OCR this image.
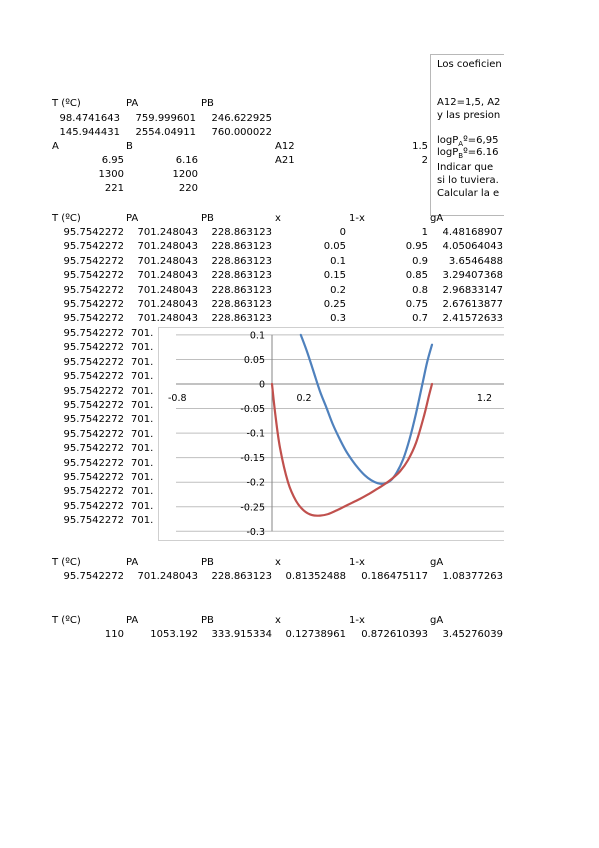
T (ºC)	PA	PB
98.4741643	759.999601	246.622925
145.944431	2554.04911	760.000022
A	B
6.95	6.16
1300	1200
221	220
A12	1.5
A21	2
Los coeficien
A12=1,5, A2
y las presion
logP$_A$º=6,95
logP$_B$º=6.16
Indicar que
si lo tuviera.
Calcular la e
T (ºC)	PA	PB	x	1-x	gA
95.7542272	701.248043	228.863123	0	1	4.48168907
95.7542272	701.248043	228.863123	0.05	0.95	4.05064043
95.7542272	701.248043	228.863123	0.1	0.9	3.6546488
95.7542272	701.248043	228.863123	0.15	0.85	3.29407368
95.7542272	701.248043	228.863123	0.2	0.8	2.96833147
95.7542272	701.248043	228.863123	0.25	0.75	2.67613877
95.7542272	701.248043	228.863123	0.3	0.7	2.41572633
95.7542272 701.
95.7542272 701.
95.7542272 701.
95.7542272 701.
95.7542272 701.
95.7542272 701.
95.7542272 701.
95.7542272 701.
95.7542272 701.
95.7542272 701.
95.7542272 701.
95.7542272 701.
95.7542272 701.
95.7542272 701.
0.1
0.05
0
-0.05
-0.1
-0.15
-0.2
-0.25
-0.3
-0.8	0.2	1.2
T (ºC)	PA	PB	x	1-x	gA
95.7542272	701.248043	228.863123	0.81352488	0.186475117	1.08377263
T (ºC)	PA	PB	x	1-x	gA
110	1053.192	333.915334	0.12738961	0.872610393	3.45276039
